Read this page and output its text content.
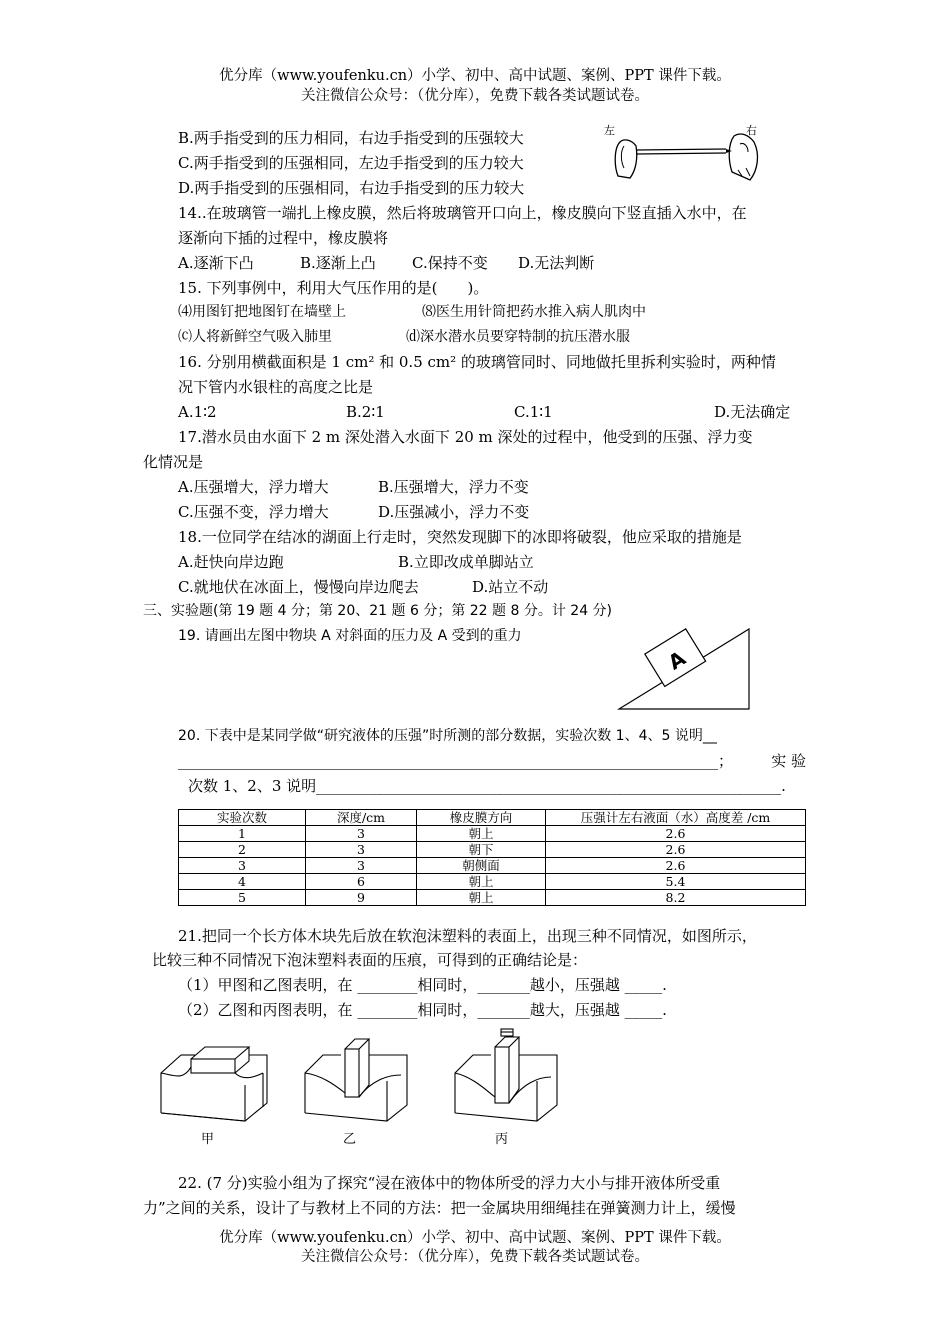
优分库（www.youfenku.cn）小学、初中、高中试题、案例、PPT 课件下载。
关注微信公众号：（优分库），免费下载各类试题试卷。
B.两手指受到的压力相同，右边手指受到的压强较大
C.两手指受到的压强相同，左边手指受到的压力较大
D.两手指受到的压强相同，右边手指受到的压力较大
左	右
14..在玻璃管一端扎上橡皮膜，然后将玻璃管开口向上，橡皮膜向下竖直插入水中，在
逐渐向下插的过程中，橡皮膜将
A.逐渐下凸	B.逐渐上凸 C.保持不变 D.无法判断
15. 下列事例中，利用大气压作用的是(　　)。
⑷用图钉把地图钉在墙壁上	⑻医生用针筒把药水推入病人肌肉中
⒞人将新鲜空气吸入肺里	⒟深水潜水员要穿特制的抗压潜水服
16. 分别用横截面积是 1 cm² 和 0.5 cm² 的玻璃管同时、同地做托里拆利实验时，两种情
况下管内水银柱的高度之比是
A.1∶2	B.2∶1	C.1∶1	D.无法确定
17.潜水员由水面下 2 m 深处潜入水面下 20 m 深处的过程中，他受到的压强、浮力变
化情况是
A.压强增大，浮力增大	B.压强增大，浮力不变
C.压强不变，浮力增大	D.压强减小，浮力不变
18.一位同学在结冰的湖面上行走时，突然发现脚下的冰即将破裂，他应采取的措施是
A.赶快向岸边跑	B.立即改成单脚站立
C.就地伏在冰面上，慢慢向岸边爬去	D.站立不动
三、实验题(第 19 题 4 分；第 20、21 题 6 分；第 22 题 8 分。计 24 分)
19. 请画出左图中物块 A 对斜面的压力及 A 受到的重力
A
20. 下表中是某同学做“研究液体的压强”时所测的部分数据，实验次数 1、4、5 说明__
________________________________________________________________________；	实 验
次数 1、2、3 说明______________________________________________________________.
实验次数	深度/cm	橡皮膜方向	压强计左右液面（水）高度差 /cm
1	3	朝上	2.6
2	3	朝下	2.6
3	3	朝侧面	2.6
4	6	朝上	5.4
5	9	朝上	8.2
21.把同一个长方体木块先后放在软泡沫塑料的表面上，出现三种不同情况，如图所示，
比较三种不同情况下泡沫塑料表面的压痕，可得到的正确结论是：
（1）甲图和乙图表明，在 ________相同时，_______越小，压强越 _____.
（2）乙图和丙图表明，在 ________相同时，_______越大，压强越 _____.
甲	乙	丙
22. (7 分)实验小组为了探究“浸在液体中的物体所受的浮力大小与排开液体所受重
力”之间的关系，设计了与教材上不同的方法：把一金属块用细绳挂在弹簧测力计上，缓慢
优分库（www.youfenku.cn）小学、初中、高中试题、案例、PPT 课件下载。
关注微信公众号：（优分库），免费下载各类试题试卷。
